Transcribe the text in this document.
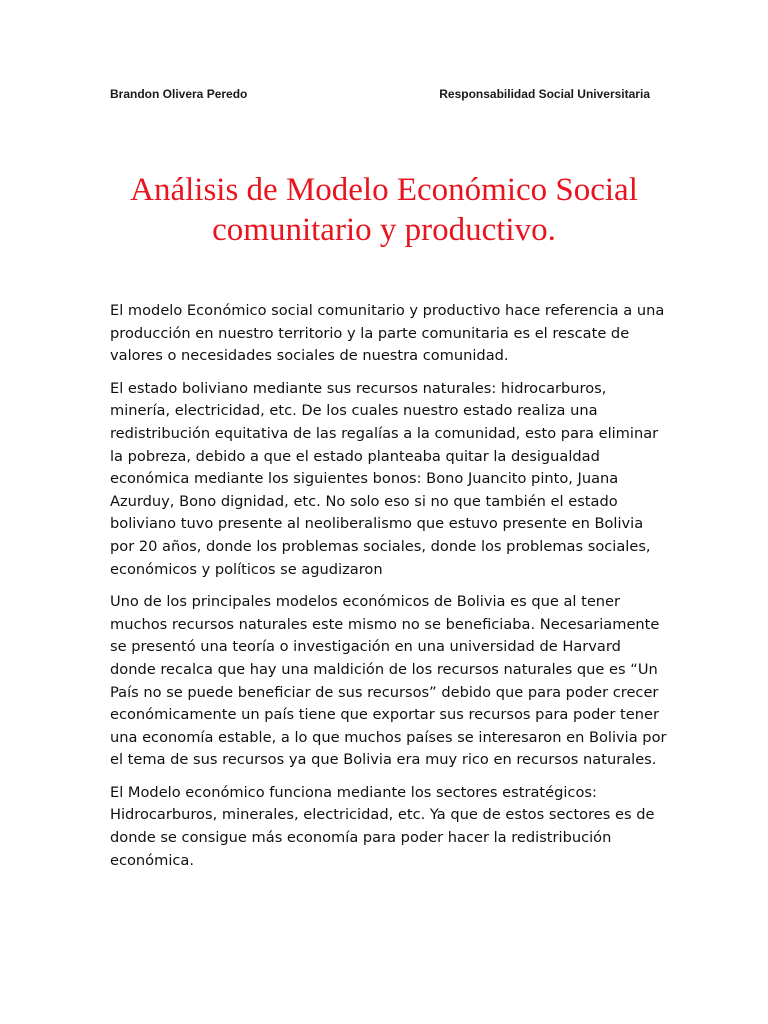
Brandon Olivera Peredo	Responsabilidad Social Universitaria
Análisis de Modelo Económico Social
comunitario y productivo.

El modelo Económico social comunitario y productivo hace referencia a una producción en nuestro territorio y la parte comunitaria es el rescate de valores o necesidades sociales de nuestra comunidad.

El estado boliviano mediante sus recursos naturales: hidrocarburos, minería, electricidad, etc. De los cuales nuestro estado realiza una redistribución equitativa de las regalías a la comunidad, esto para eliminar la pobreza, debido a que el estado planteaba quitar la desigualdad económica mediante los siguientes bonos: Bono Juancito pinto, Juana Azurduy, Bono dignidad, etc. No solo eso si no que también el estado boliviano tuvo presente al neoliberalismo que estuvo presente en Bolivia por 20 años, donde los problemas sociales, donde los problemas sociales, económicos y políticos se agudizaron

Uno de los principales modelos económicos de Bolivia es que al tener muchos recursos naturales este mismo no se beneficiaba. Necesariamente se presentó una teoría o investigación en una universidad de Harvard donde recalca que hay una maldición de los recursos naturales que es “Un País no se puede beneficiar de sus recursos” debido que para poder crecer económicamente un país tiene que exportar sus recursos para poder tener una economía estable, a lo que muchos países se interesaron en Bolivia por el tema de sus recursos ya que Bolivia era muy rico en recursos naturales.

El Modelo económico funciona mediante los sectores estratégicos: Hidrocarburos, minerales, electricidad, etc. Ya que de estos sectores es de donde se consigue más economía para poder hacer la redistribución económica.
